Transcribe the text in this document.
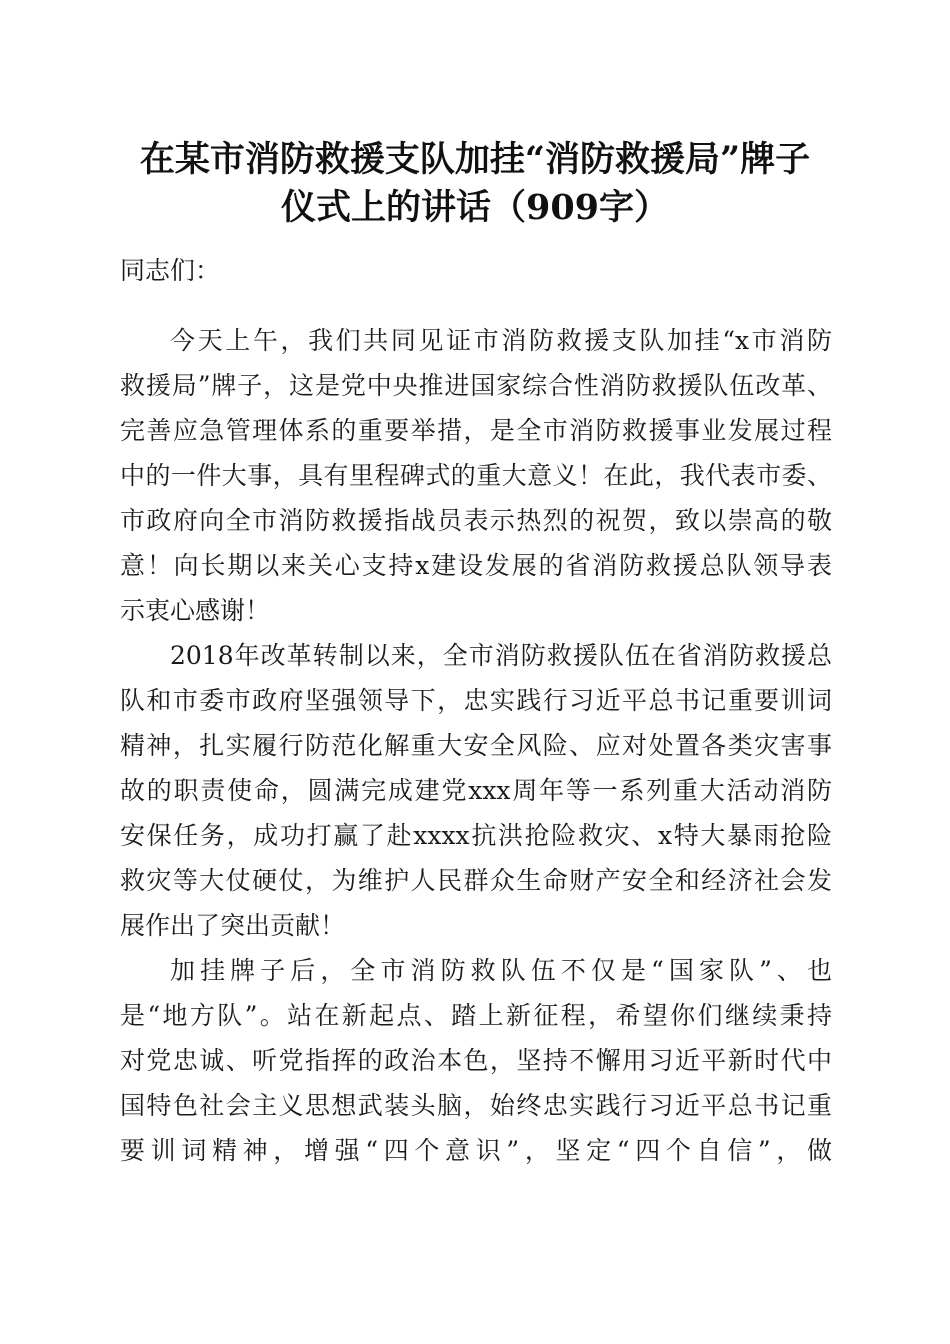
在某市消防救援支队加挂“消防救援局”牌子
仪式上的讲话（909字）
同志们：
今天上午，我们共同见证市消防救援支队加挂“x市消防
救援局”牌子，这是党中央推进国家综合性消防救援队伍改革、
完善应急管理体系的重要举措，是全市消防救援事业发展过程
中的一件大事，具有里程碑式的重大意义！在此，我代表市委、
市政府向全市消防救援指战员表示热烈的祝贺，致以崇高的敬
意！向长期以来关心支持x建设发展的省消防救援总队领导表
示衷心感谢！
2018年改革转制以来，全市消防救援队伍在省消防救援总
队和市委市政府坚强领导下，忠实践行习近平总书记重要训词
精神，扎实履行防范化解重大安全风险、应对处置各类灾害事
故的职责使命，圆满完成建党xxx周年等一系列重大活动消防
安保任务，成功打赢了赴xxxx抗洪抢险救灾、x特大暴雨抢险
救灾等大仗硬仗，为维护人民群众生命财产安全和经济社会发
展作出了突出贡献！
加挂牌子后，全市消防救队伍不仅是“国家队”、也
是“地方队”。站在新起点、踏上新征程，希望你们继续秉持
对党忠诚、听党指挥的政治本色，坚持不懈用习近平新时代中
国特色社会主义思想武装头脑，始终忠实践行习近平总书记重
要训词精神，增强“四个意识”，坚定“四个自信”，做
